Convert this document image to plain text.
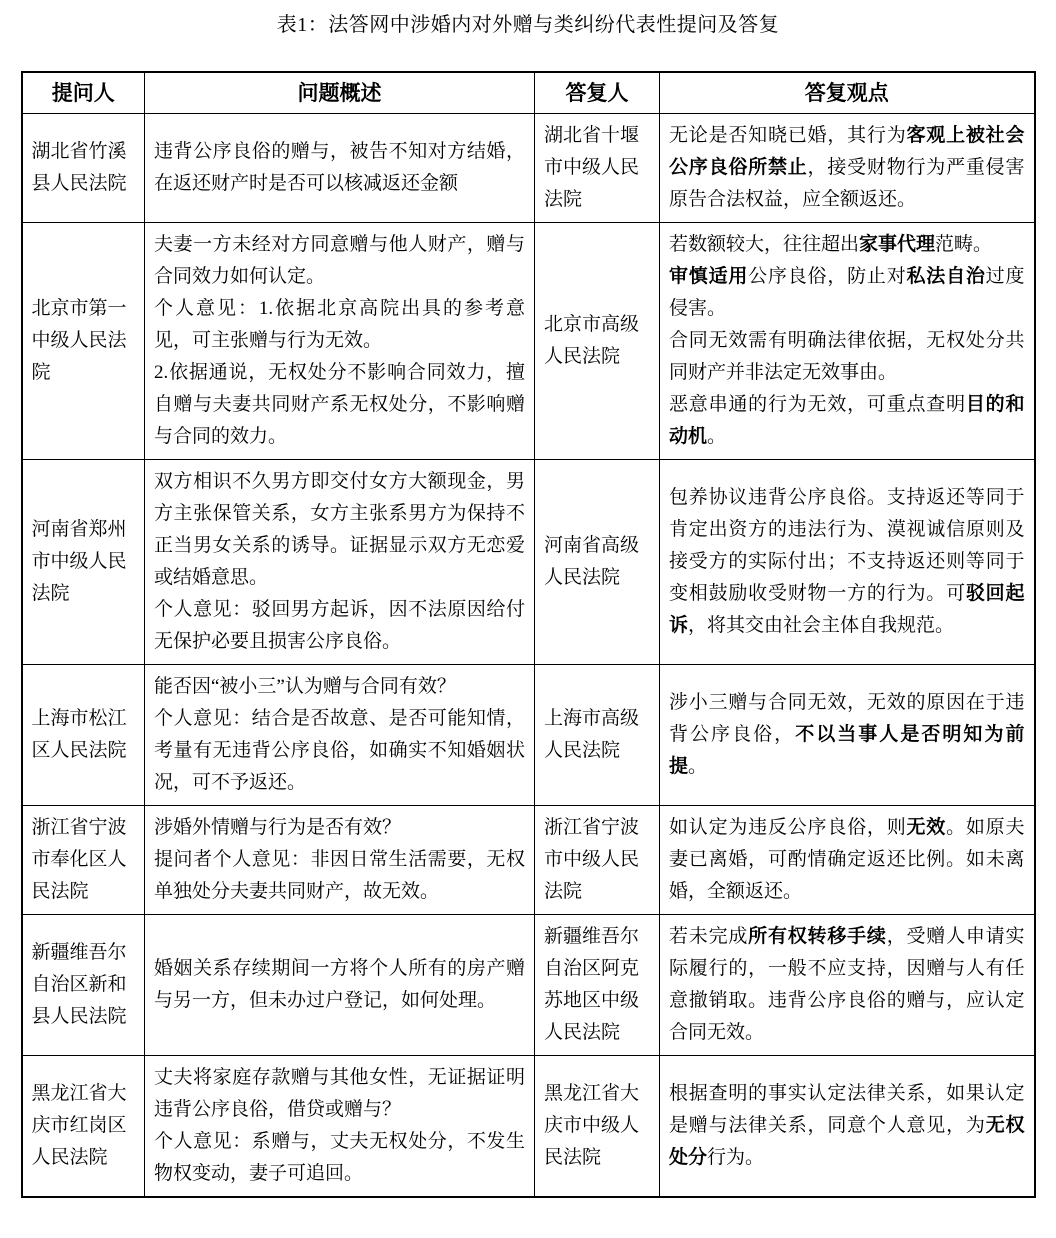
表1：法答网中涉婚内对外赠与类纠纷代表性提问及答复
提问人	问题概述	答复人	答复观点
湖北省竹溪县人民法院	违背公序良俗的赠与，被告不知对方结婚，在返还财产时是否可以核减返还金额	湖北省十堰市中级人民法院	无论是否知晓已婚，其行为客观上被社会公序良俗所禁止，接受财物行为严重侵害原告合法权益，应全额返还。

北京市第一中级人民法院	夫妻一方未经对方同意赠与他人财产，赠与合同效力如何认定。
个人意见：1.依据北京高院出具的参考意见，可主张赠与行为无效。
2.依据通说，无权处分不影响合同效力，擅自赠与夫妻共同财产系无权处分，不影响赠与合同的效力。	北京市高级人民法院	若数额较大，往往超出家事代理范畴。
审慎适用公序良俗，防止对私法自治过度侵害。
合同无效需有明确法律依据，无权处分共同财产并非法定无效事由。
恶意串通的行为无效，可重点查明目的和动机。

河南省郑州市中级人民法院	双方相识不久男方即交付女方大额现金，男方主张保管关系，女方主张系男方为保持不正当男女关系的诱导。证据显示双方无恋爱或结婚意思。
个人意见：驳回男方起诉，因不法原因给付无保护必要且损害公序良俗。	河南省高级人民法院	包养协议违背公序良俗。支持返还等同于肯定出资方的违法行为、漠视诚信原则及接受方的实际付出；不支持返还则等同于变相鼓励收受财物一方的行为。可驳回起诉，将其交由社会主体自我规范。

上海市松江区人民法院	能否因“被小三”认为赠与合同有效？
个人意见：结合是否故意、是否可能知情，考量有无违背公序良俗，如确实不知婚姻状况，可不予返还。	上海市高级人民法院	涉小三赠与合同无效，无效的原因在于违背公序良俗，不以当事人是否明知为前提。

浙江省宁波市奉化区人民法院	涉婚外情赠与行为是否有效？
提问者个人意见：非因日常生活需要，无权单独处分夫妻共同财产，故无效。	浙江省宁波市中级人民法院	如认定为违反公序良俗，则无效。如原夫妻已离婚，可酌情确定返还比例。如未离婚，全额返还。

新疆维吾尔自治区新和县人民法院	婚姻关系存续期间一方将个人所有的房产赠与另一方，但未办过户登记，如何处理。	新疆维吾尔自治区阿克苏地区中级人民法院	若未完成所有权转移手续，受赠人申请实际履行的，一般不应支持，因赠与人有任意撤销取。违背公序良俗的赠与，应认定合同无效。

黑龙江省大庆市红岗区人民法院	丈夫将家庭存款赠与其他女性，无证据证明违背公序良俗，借贷或赠与？
个人意见：系赠与，丈夫无权处分，不发生物权变动，妻子可追回。	黑龙江省大庆市中级人民法院	根据查明的事实认定法律关系，如果认定是赠与法律关系，同意个人意见，为无权处分行为。
